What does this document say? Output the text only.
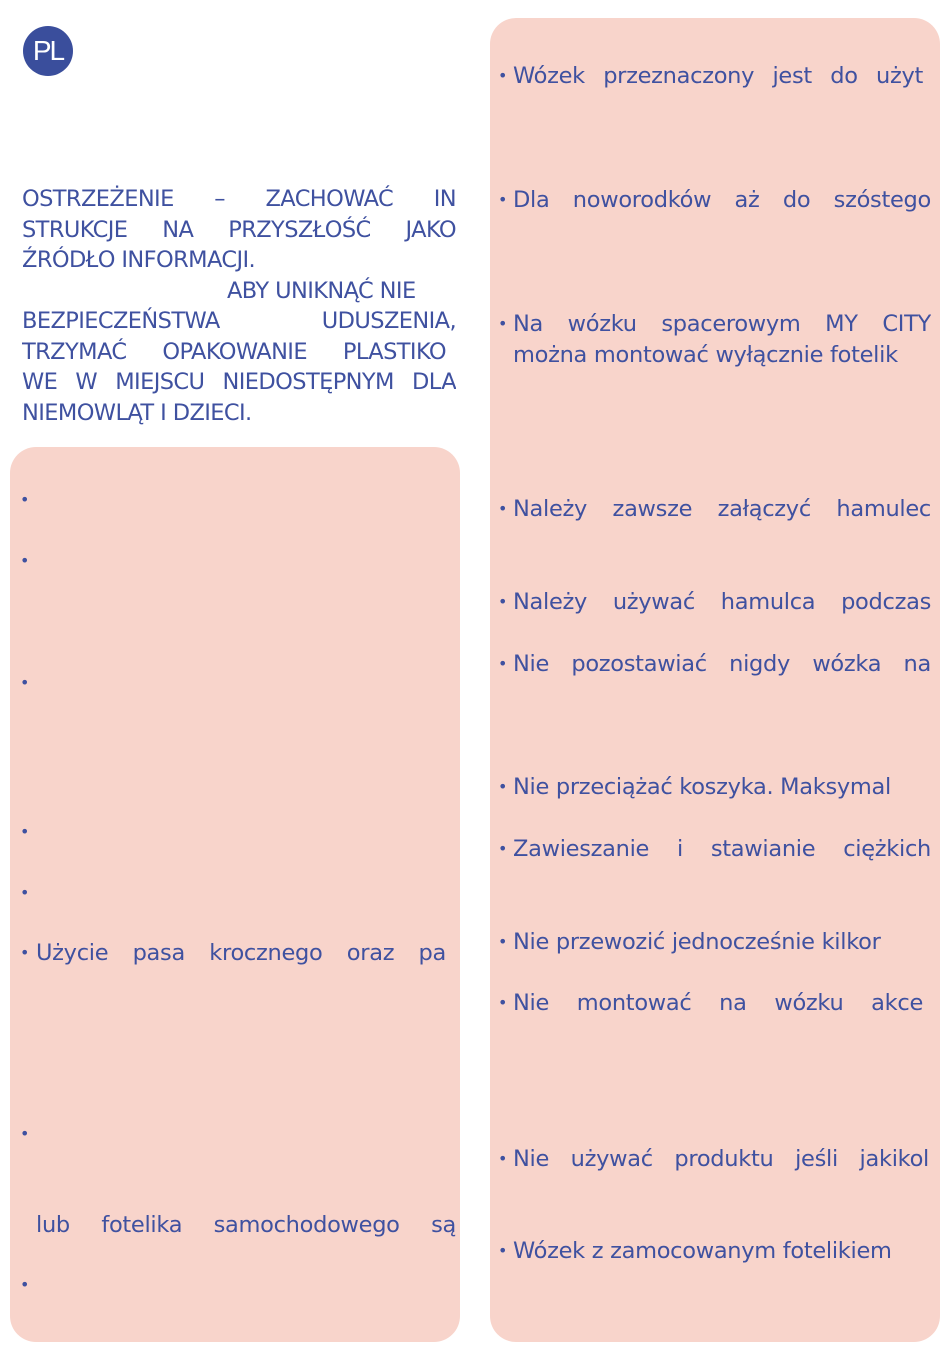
PL
OSTRZEŻENIE – ZACHOWAĆ IN
STRUKCJE NA PRZYSZŁOŚĆ JAKO
ŹRÓDŁO INFORMACJI.
ABY UNIKNĄĆ NIE
BEZPIECZEŃSTWA UDUSZENIA,
TRZYMAĆ OPAKOWANIE PLASTIKO
WE W MIEJSCU NIEDOSTĘPNYM DLA
NIEMOWLĄT I DZIECI.
•
•
•
•
•
• Użycie pasa krocznego oraz pa
•
lub fotelika samochodowego są
•
• Wózek przeznaczony jest do użyt
• Dla noworodków aż do szóstego
• Na wózku spacerowym MY CITY
można montować wyłącznie fotelik
• Należy zawsze załączyć hamulec
• Należy używać hamulca podczas
• Nie pozostawiać nigdy wózka na
• Nie przeciążać koszyka. Maksymal
• Zawieszanie i stawianie ciężkich
• Nie przewozić jednocześnie kilkor
• Nie montować na wózku akce
• Nie używać produktu jeśli jakikol
• Wózek z zamocowanym fotelikiem
